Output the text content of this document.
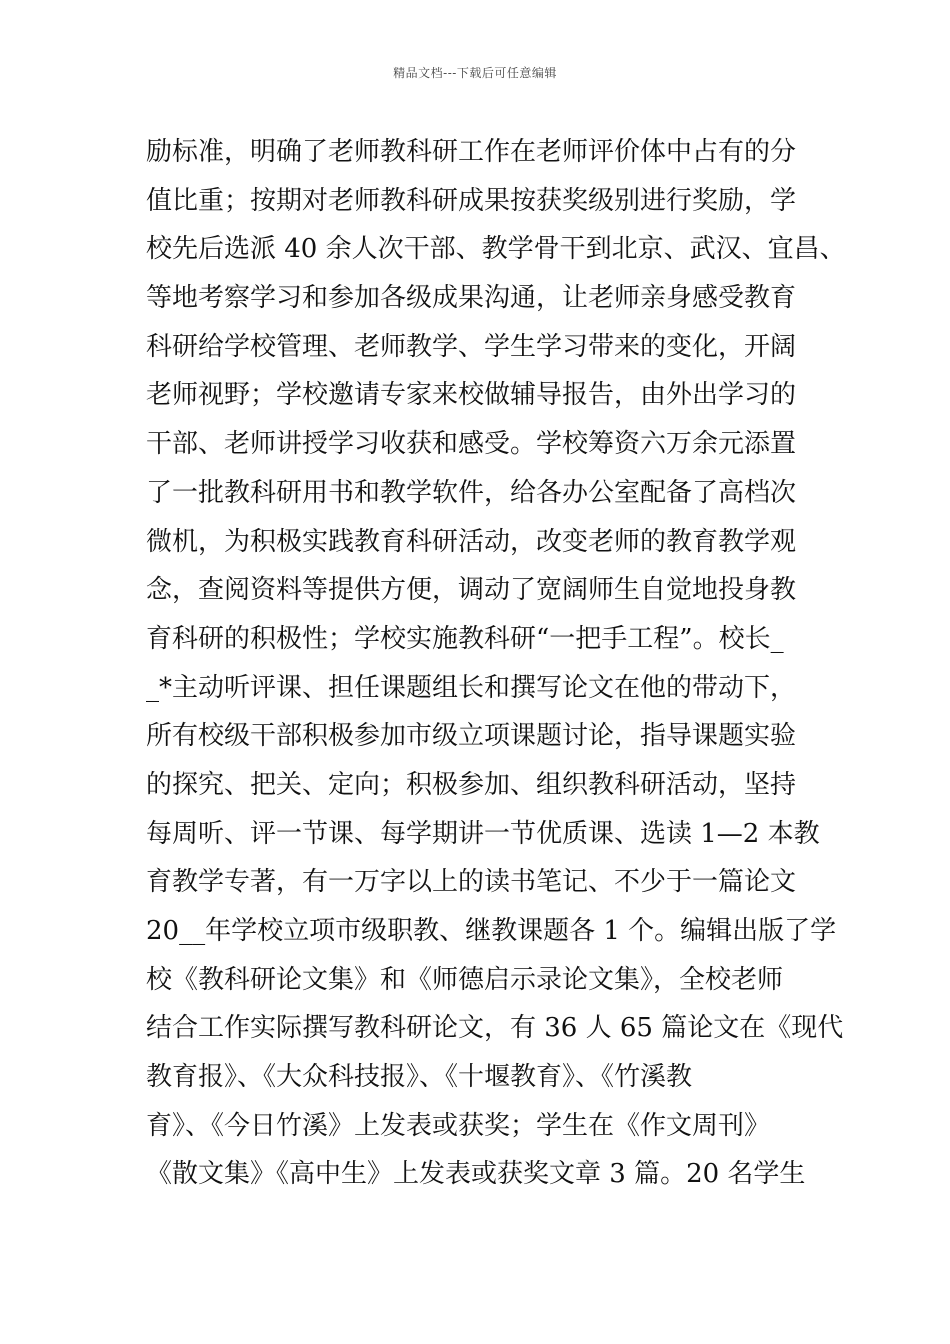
精品文档---下载后可任意编辑
励标准，明确了老师教科研工作在老师评价体中占有的分
值比重；按期对老师教科研成果按获奖级别进行奖励，学
校先后选派 40 余人次干部、教学骨干到北京、武汉、宜昌、
等地考察学习和参加各级成果沟通，让老师亲身感受教育
科研给学校管理、老师教学、学生学习带来的变化，开阔
老师视野；学校邀请专家来校做辅导报告，由外出学习的
干部、老师讲授学习收获和感受。学校筹资六万余元添置
了一批教科研用书和教学软件，给各办公室配备了高档次
微机，为积极实践教育科研活动，改变老师的教育教学观
念，查阅资料等提供方便，调动了宽阔师生自觉地投身教
育科研的积极性；学校实施教科研“一把手工程”。校长_
_*主动听评课、担任课题组长和撰写论文在他的带动下，
所有校级干部积极参加市级立项课题讨论，指导课题实验
的探究、把关、定向；积极参加、组织教科研活动，坚持
每周听、评一节课、每学期讲一节优质课、选读 1—2 本教
育教学专著，有一万字以上的读书笔记、不少于一篇论文
20__年学校立项市级职教、继教课题各 1 个。编辑出版了学
校《教科研论文集》和《师德启示录论文集》，全校老师
结合工作实际撰写教科研论文，有 36 人 65 篇论文在《现代
教育报》、《大众科技报》、《十堰教育》、《竹溪教
育》、《今日竹溪》上发表或获奖；学生在《作文周刊》
《散文集》《高中生》上发表或获奖文章 3 篇。20 名学生
